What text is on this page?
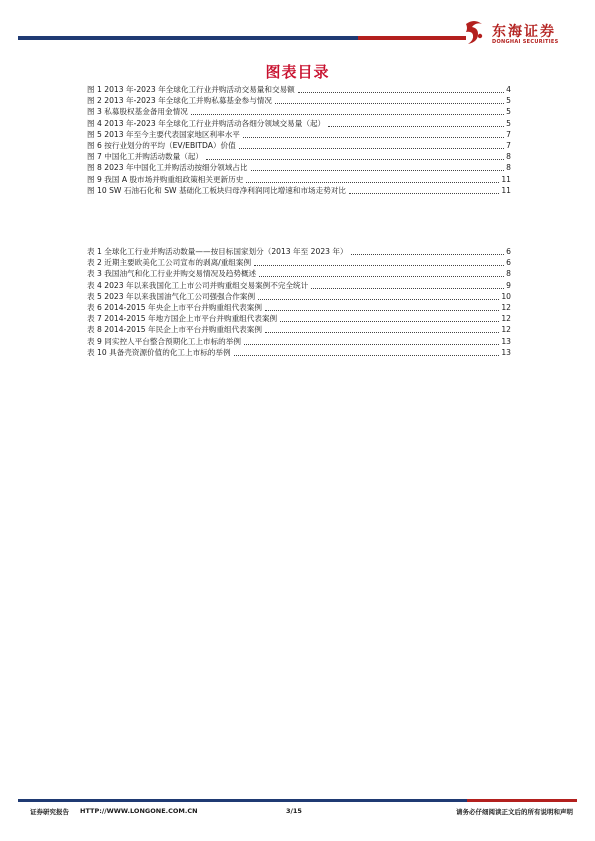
东海证券
DONGHAI SECURITIES
图表目录
图 1 2013 年-2023 年全球化工行业并购活动交易量和交易额	4
图 2 2013 年-2023 年全球化工并购私募基金参与情况	5
图 3 私募股权基金备用金情况	5
图 4 2013 年-2023 年全球化工行业并购活动各细分领域交易量（起）	5
图 5 2013 年至今主要代表国家地区利率水平	7
图 6 按行业划分的平均（EV/EBITDA）价值	7
图 7 中国化工并购活动数量（起）	8
图 8 2023 年中国化工并购活动按细分领域占比	8
图 9 我国 A 股市场并购重组政策相关更新历史	11
图 10 SW 石油石化和 SW 基础化工板块归母净利润同比增速和市场走势对比	11
表 1 全球化工行业并购活动数量——按目标国家划分（2013 年至 2023 年）	6
表 2 近期主要欧美化工公司宣布的剥离/重组案例	6
表 3 我国油气和化工行业并购交易情况及趋势概述	8
表 4 2023 年以来我国化工上市公司并购重组交易案例不完全统计	9
表 5 2023 年以来我国油气化工公司强强合作案例	10
表 6 2014-2015 年央企上市平台并购重组代表案例	12
表 7 2014-2015 年地方国企上市平台并购重组代表案例	12
表 8 2014-2015 年民企上市平台并购重组代表案例	12
表 9 同实控人平台整合预期化工上市标的举例	13
表 10 具备壳资源价值的化工上市标的举例	13
证券研究报告 HTTP://WWW.LONGONE.COM.CN	3/15	请务必仔细阅读正文后的所有说明和声明
